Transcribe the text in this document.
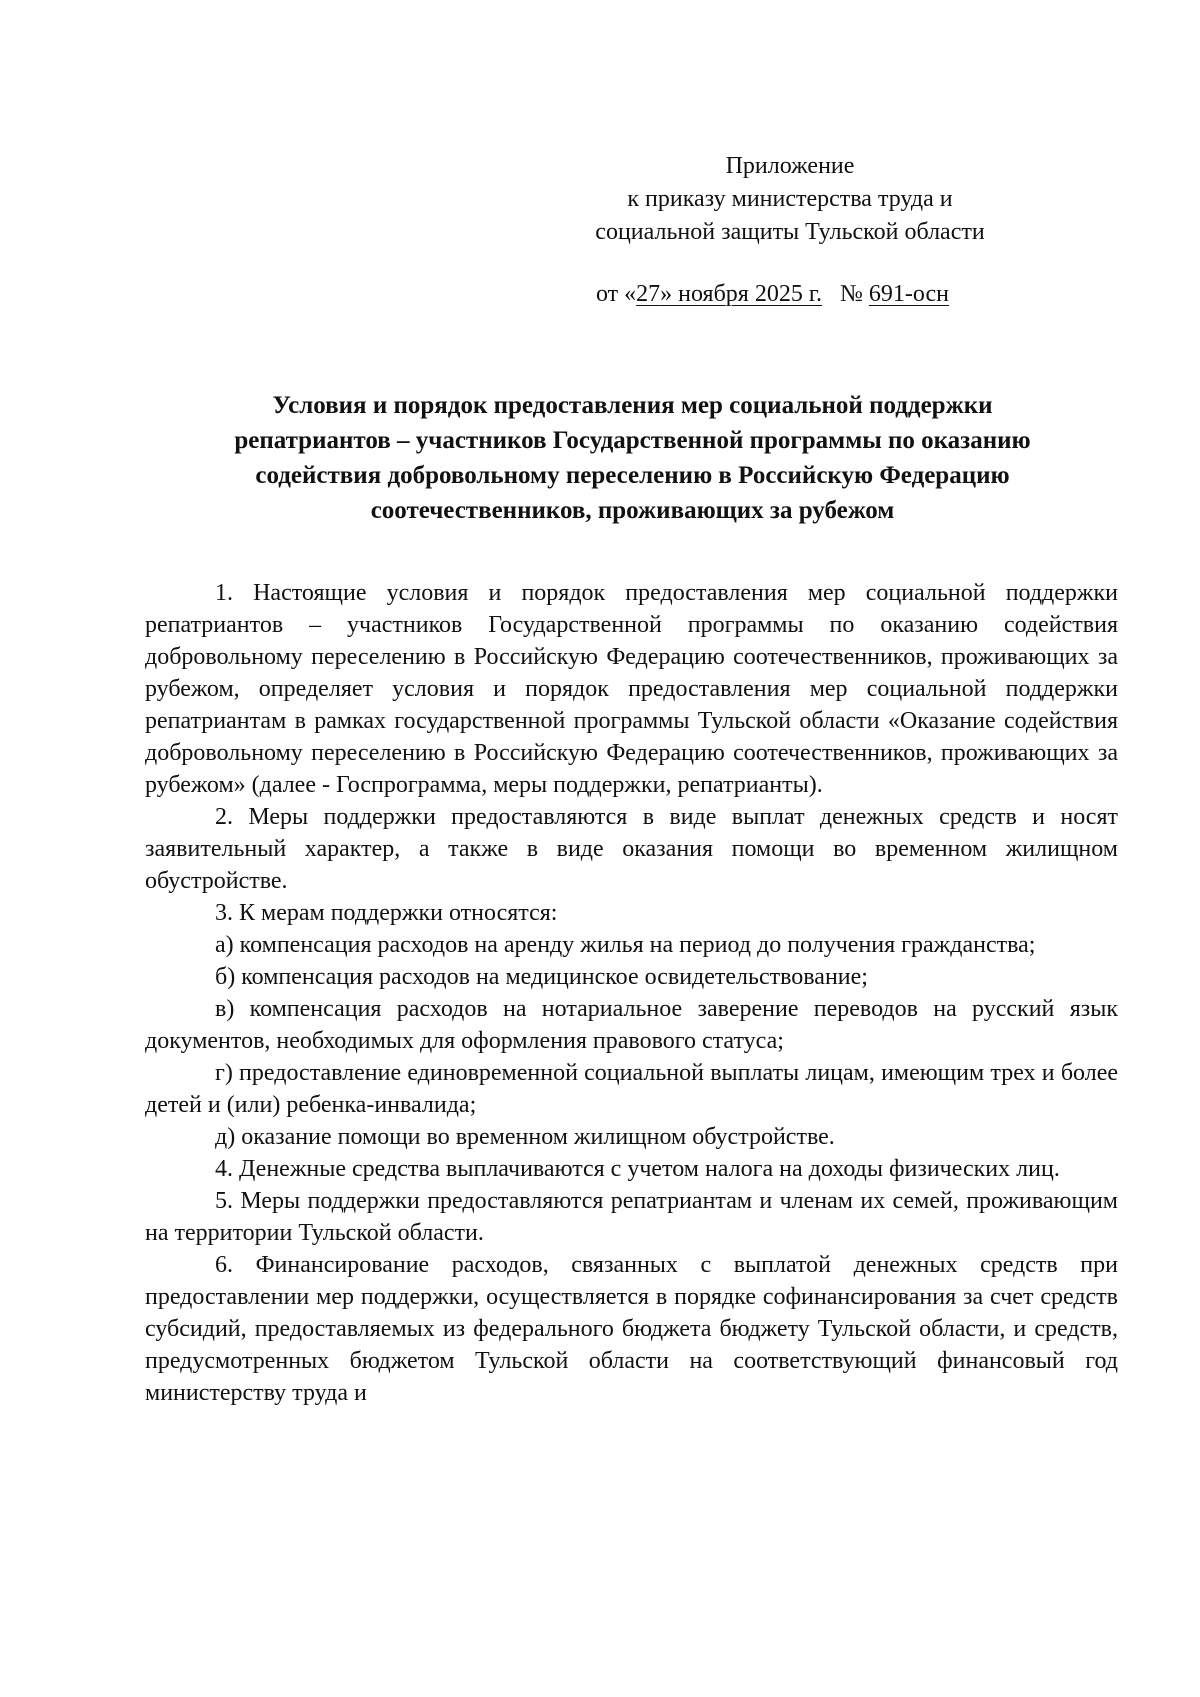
Приложение
к приказу министерства труда и
социальной защиты Тульской области
от «27» ноября 2025 г. № 691-осн
Условия и порядок предоставления мер социальной поддержки
репатриантов – участников Государственной программы по оказанию
содействия добровольному переселению в Российскую Федерацию
соотечественников, проживающих за рубежом

1. Настоящие условия и порядок предоставления мер социальной поддержки репатриантов – участников Государственной программы по оказанию содействия добровольному переселению в Российскую Федерацию соотечественников, проживающих за рубежом, определяет условия и порядок предоставления мер социальной поддержки репатриантам в рамках государственной программы Тульской области «Оказание содействия добровольному переселению в Российскую Федерацию соотечественников, проживающих за рубежом» (далее - Госпрограмма, меры поддержки, репатрианты).

2. Меры поддержки предоставляются в виде выплат денежных средств и носят заявительный характер, а также в виде оказания помощи во временном жилищном обустройстве.

3. К мерам поддержки относятся:

а) компенсация расходов на аренду жилья на период до получения гражданства;

б) компенсация расходов на медицинское освидетельствование;

в) компенсация расходов на нотариальное заверение переводов на русский язык документов, необходимых для оформления правового статуса;

г) предоставление единовременной социальной выплаты лицам, имеющим трех и более детей и (или) ребенка-инвалида;

д) оказание помощи во временном жилищном обустройстве.

4. Денежные средства выплачиваются с учетом налога на доходы физических лиц.

5. Меры поддержки предоставляются репатриантам и членам их семей, проживающим на территории Тульской области.

6. Финансирование расходов, связанных с выплатой денежных средств при предоставлении мер поддержки, осуществляется в порядке софинансирования за счет средств субсидий, предоставляемых из федерального бюджета бюджету Тульской области, и средств, предусмотренных бюджетом Тульской области на соответствующий финансовый год министерству труда и
